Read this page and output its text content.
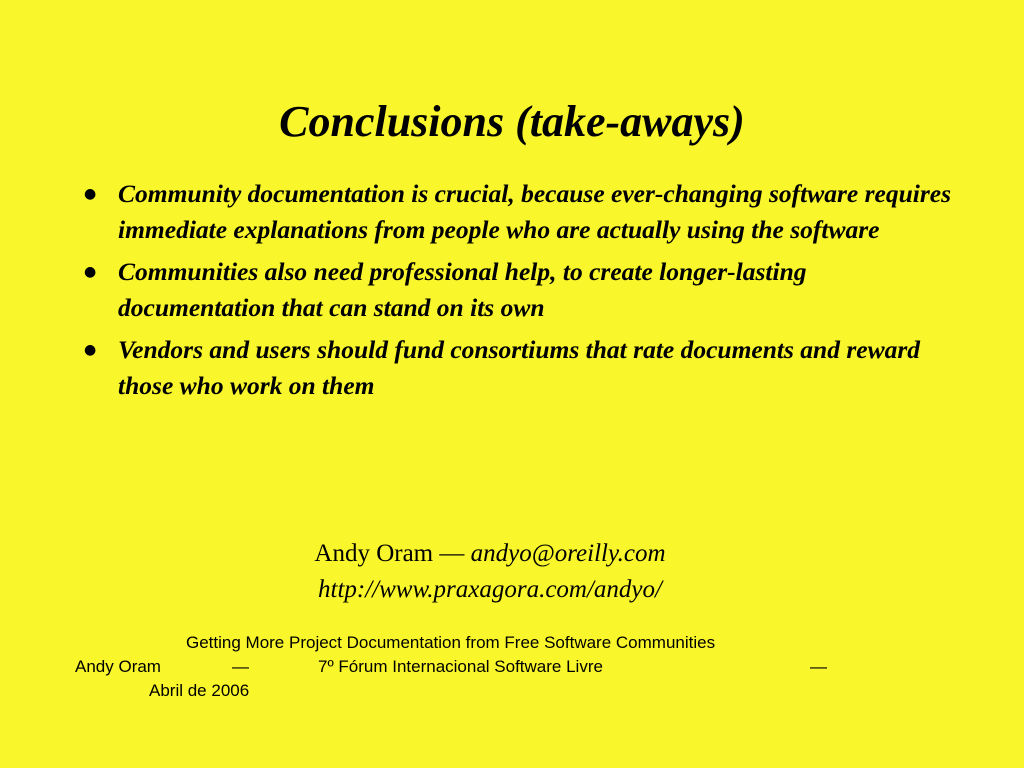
Conclusions (take-aways)
● Community documentation is crucial, because ever-changing software requires immediate explanations from people who are actually using the software
● Communities also need professional help, to create longer-lasting documentation that can stand on its own
● Vendors and users should fund consortiums that rate documents and reward those who work on them
Andy Oram — andyo@oreilly.com
http://www.praxagora.com/andyo/
Getting More Project Documentation from Free Software Communities
Andy Oram	—	7º Fórum Internacional Software Livre	—
Abril de 2006
